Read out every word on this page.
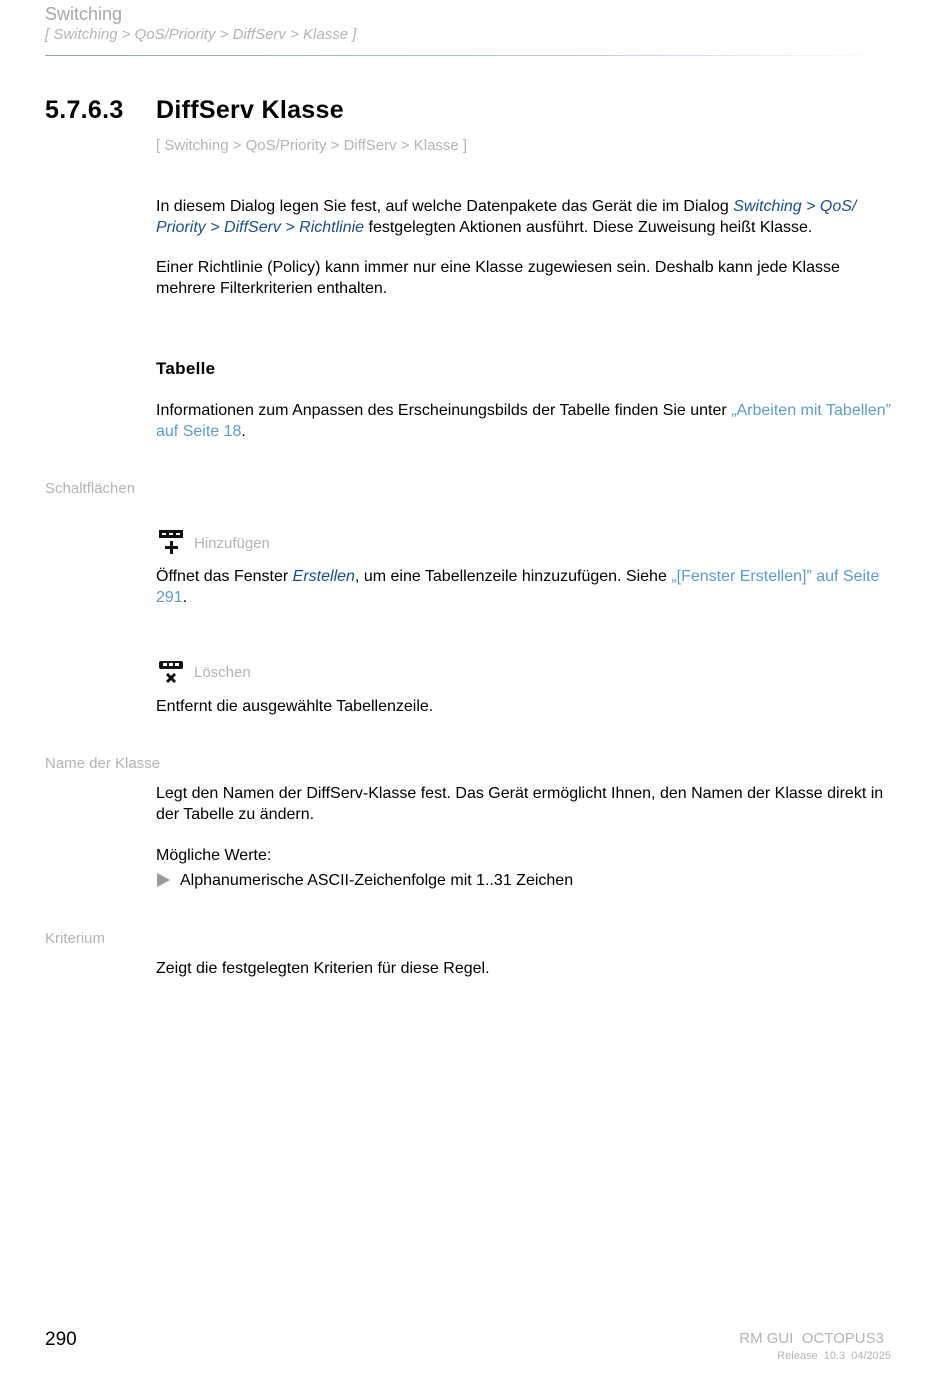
Switching
[ Switching > QoS/Priority > DiffServ > Klasse ]
5.7.6.3 DiffServ Klasse
[ Switching > QoS/Priority > DiffServ > Klasse ]
In diesem Dialog legen Sie fest, auf welche Datenpakete das Gerät die im Dialog Switching > QoS/ Priority > DiffServ > Richtlinie festgelegten Aktionen ausführt. Diese Zuweisung heißt Klasse.
Einer Richtlinie (Policy) kann immer nur eine Klasse zugewiesen sein. Deshalb kann jede Klasse mehrere Filterkriterien enthalten.
Tabelle
Informationen zum Anpassen des Erscheinungsbilds der Tabelle finden Sie unter „Arbeiten mit Tabellen” auf Seite 18.
Schaltflächen
Hinzufügen
Öffnet das Fenster Erstellen, um eine Tabellenzeile hinzuzufügen. Siehe „[Fenster Erstellen]” auf Seite 291.
Löschen
Entfernt die ausgewählte Tabellenzeile.
Name der Klasse
Legt den Namen der DiffServ-Klasse fest. Das Gerät ermöglicht Ihnen, den Namen der Klasse direkt in der Tabelle zu ändern.
Mögliche Werte:
Alphanumerische ASCII-Zeichenfolge mit 1..31 Zeichen
Kriterium
Zeigt die festgelegten Kriterien für diese Regel.
290	RM GUI  OCTOPUS3
Release  10.3  04/2025
